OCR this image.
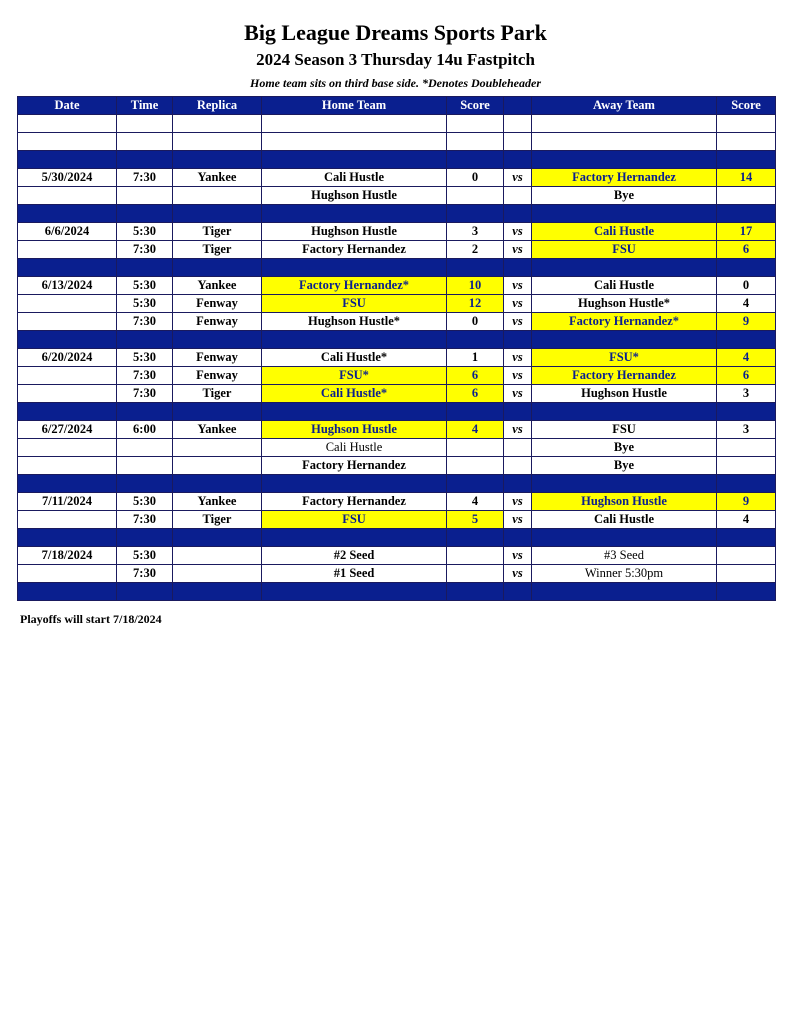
Big League Dreams Sports Park
2024 Season 3 Thursday 14u Fastpitch
Home team sits on third base side. *Denotes Doubleheader
Date	Time	Replica	Home Team	Score		Away Team	Score

5/30/2024	7:30	Yankee	Cali Hustle	0	vs	Factory Hernandez	14
			Hughson Hustle			Bye	

6/6/2024	5:30	Tiger	Hughson Hustle	3	vs	Cali Hustle	17
	7:30	Tiger	Factory Hernandez	2	vs	FSU	6

6/13/2024	5:30	Yankee	Factory Hernandez*	10	vs	Cali Hustle	0
	5:30	Fenway	FSU	12	vs	Hughson Hustle*	4
	7:30	Fenway	Hughson Hustle*	0	vs	Factory Hernandez*	9

6/20/2024	5:30	Fenway	Cali Hustle*	1	vs	FSU*	4
	7:30	Fenway	FSU*	6	vs	Factory Hernandez	6
	7:30	Tiger	Cali Hustle*	6	vs	Hughson Hustle	3

6/27/2024	6:00	Yankee	Hughson Hustle	4	vs	FSU	3
			Cali Hustle			Bye	
			Factory Hernandez			Bye	

7/11/2024	5:30	Yankee	Factory Hernandez	4	vs	Hughson Hustle	9
	7:30	Tiger	FSU	5	vs	Cali Hustle	4

7/18/2024	5:30		#2 Seed		vs	#3 Seed	
	7:30		#1 Seed		vs	Winner 5:30pm	

Playoffs will start 7/18/2024
